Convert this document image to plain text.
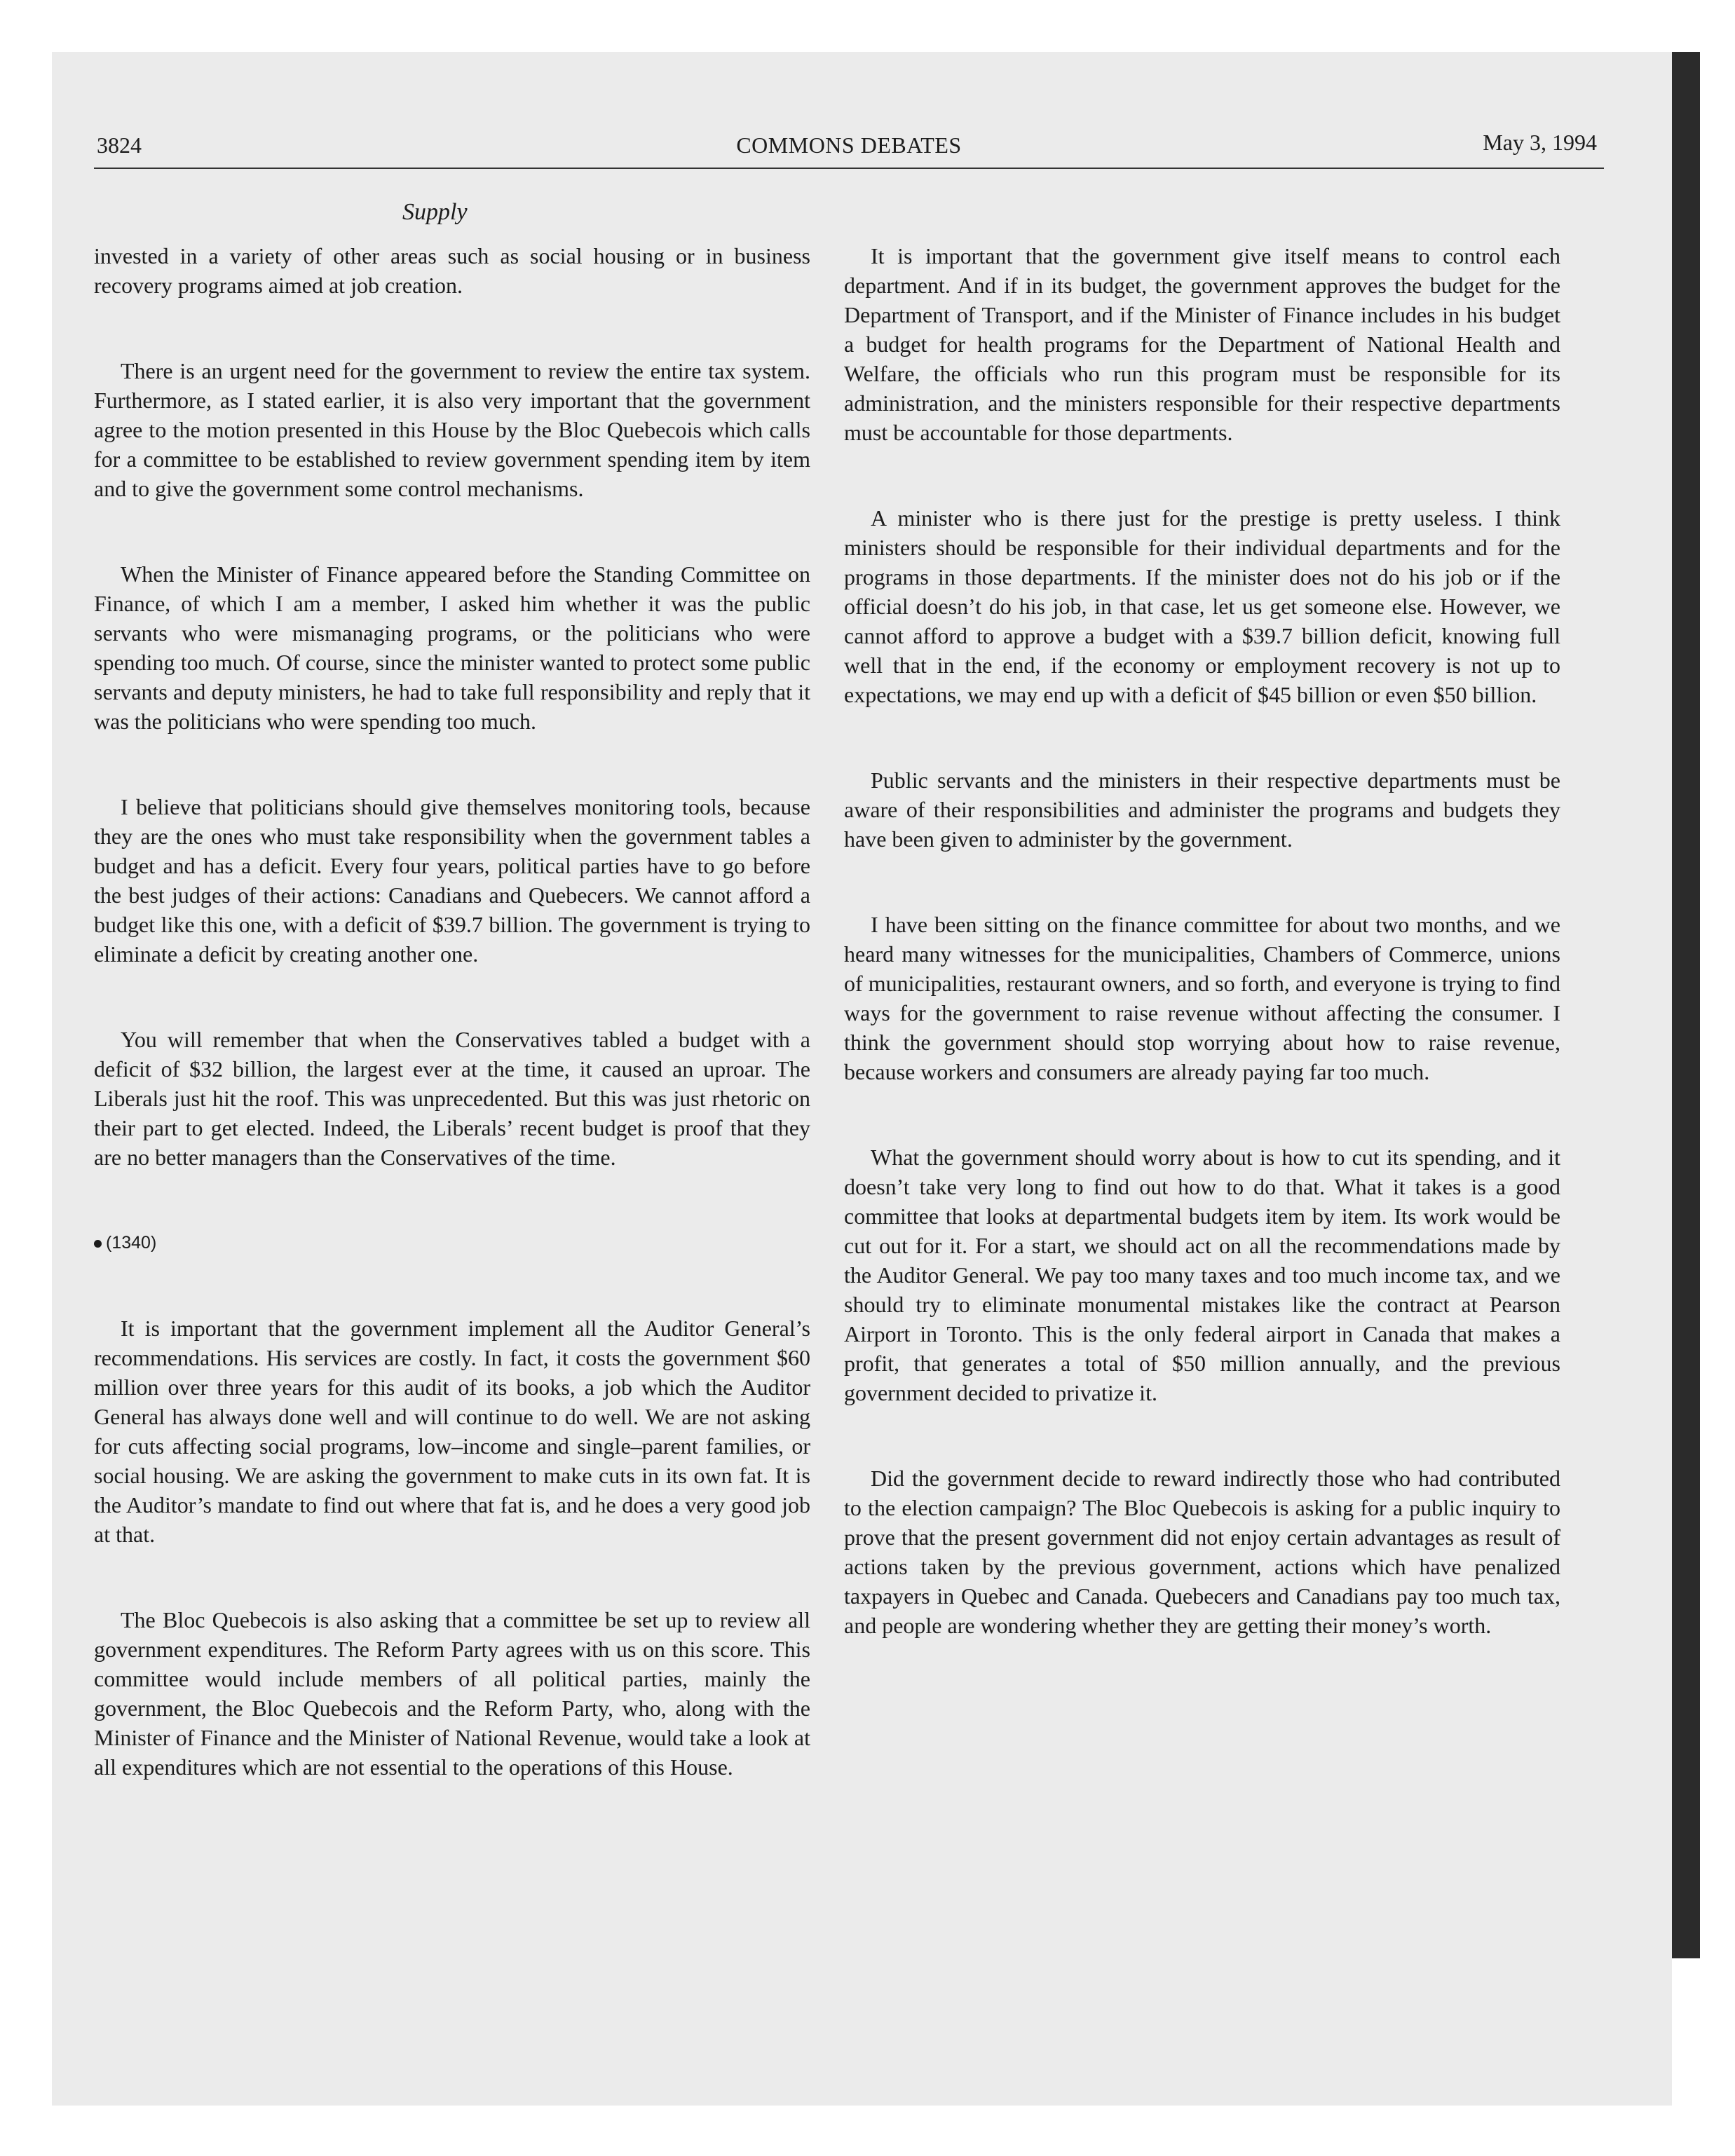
3824	COMMONS DEBATES	May 3, 1994
Supply

invested in a variety of other areas such as social housing or in business recovery programs aimed at job creation.

There is an urgent need for the government to review the entire tax system. Furthermore, as I stated earlier, it is also very important that the government agree to the motion presented in this House by the Bloc Quebecois which calls for a committee to be established to review government spending item by item and to give the government some control mechanisms.

When the Minister of Finance appeared before the Standing Committee on Finance, of which I am a member, I asked him whether it was the public servants who were mismanaging programs, or the politicians who were spending too much. Of course, since the minister wanted to protect some public servants and deputy ministers, he had to take full responsibility and reply that it was the politicians who were spending too much.

I believe that politicians should give themselves monitoring tools, because they are the ones who must take responsibility when the government tables a budget and has a deficit. Every four years, political parties have to go before the best judges of their actions: Canadians and Quebecers. We cannot afford a budget like this one, with a deficit of $39.7 billion. The government is trying to eliminate a deficit by creating another one.

You will remember that when the Conservatives tabled a budget with a deficit of $32 billion, the largest ever at the time, it caused an uproar. The Liberals just hit the roof. This was unprecedented. But this was just rhetoric on their part to get elected. Indeed, the Liberals’ recent budget is proof that they are no better managers than the Conservatives of the time.

(1340)

It is important that the government implement all the Auditor General’s recommendations. His services are costly. In fact, it costs the government $60 million over three years for this audit of its books, a job which the Auditor General has always done well and will continue to do well. We are not asking for cuts affecting social programs, low–income and single–parent families, or social housing. We are asking the government to make cuts in its own fat. It is the Auditor’s mandate to find out where that fat is, and he does a very good job at that.

The Bloc Quebecois is also asking that a committee be set up to review all government expenditures. The Reform Party agrees with us on this score. This committee would include members of all political parties, mainly the government, the Bloc Quebecois and the Reform Party, who, along with the Minister of Finance and the Minister of National Revenue, would take a look at all expenditures which are not essential to the operations of this House.

It is important that the government give itself means to control each department. And if in its budget, the government approves the budget for the Department of Transport, and if the Minister of Finance includes in his budget a budget for health programs for the Department of National Health and Welfare, the officials who run this program must be responsible for its administration, and the ministers responsible for their respective departments must be accountable for those departments.

A minister who is there just for the prestige is pretty useless. I think ministers should be responsible for their individual departments and for the programs in those departments. If the minister does not do his job or if the official doesn’t do his job, in that case, let us get someone else. However, we cannot afford to approve a budget with a $39.7 billion deficit, knowing full well that in the end, if the economy or employment recovery is not up to expectations, we may end up with a deficit of $45 billion or even $50 billion.

Public servants and the ministers in their respective departments must be aware of their responsibilities and administer the programs and budgets they have been given to administer by the government.

I have been sitting on the finance committee for about two months, and we heard many witnesses for the municipalities, Chambers of Commerce, unions of municipalities, restaurant owners, and so forth, and everyone is trying to find ways for the government to raise revenue without affecting the consumer. I think the government should stop worrying about how to raise revenue, because workers and consumers are already paying far too much.

What the government should worry about is how to cut its spending, and it doesn’t take very long to find out how to do that. What it takes is a good committee that looks at departmental budgets item by item. Its work would be cut out for it. For a start, we should act on all the recommendations made by the Auditor General. We pay too many taxes and too much income tax, and we should try to eliminate monumental mistakes like the contract at Pearson Airport in Toronto. This is the only federal airport in Canada that makes a profit, that generates a total of $50 million annually, and the previous government decided to privatize it.

Did the government decide to reward indirectly those who had contributed to the election campaign? The Bloc Quebecois is asking for a public inquiry to prove that the present government did not enjoy certain advantages as result of actions taken by the previous government, actions which have penalized taxpayers in Quebec and Canada. Quebecers and Canadians pay too much tax, and people are wondering whether they are getting their money’s worth.
